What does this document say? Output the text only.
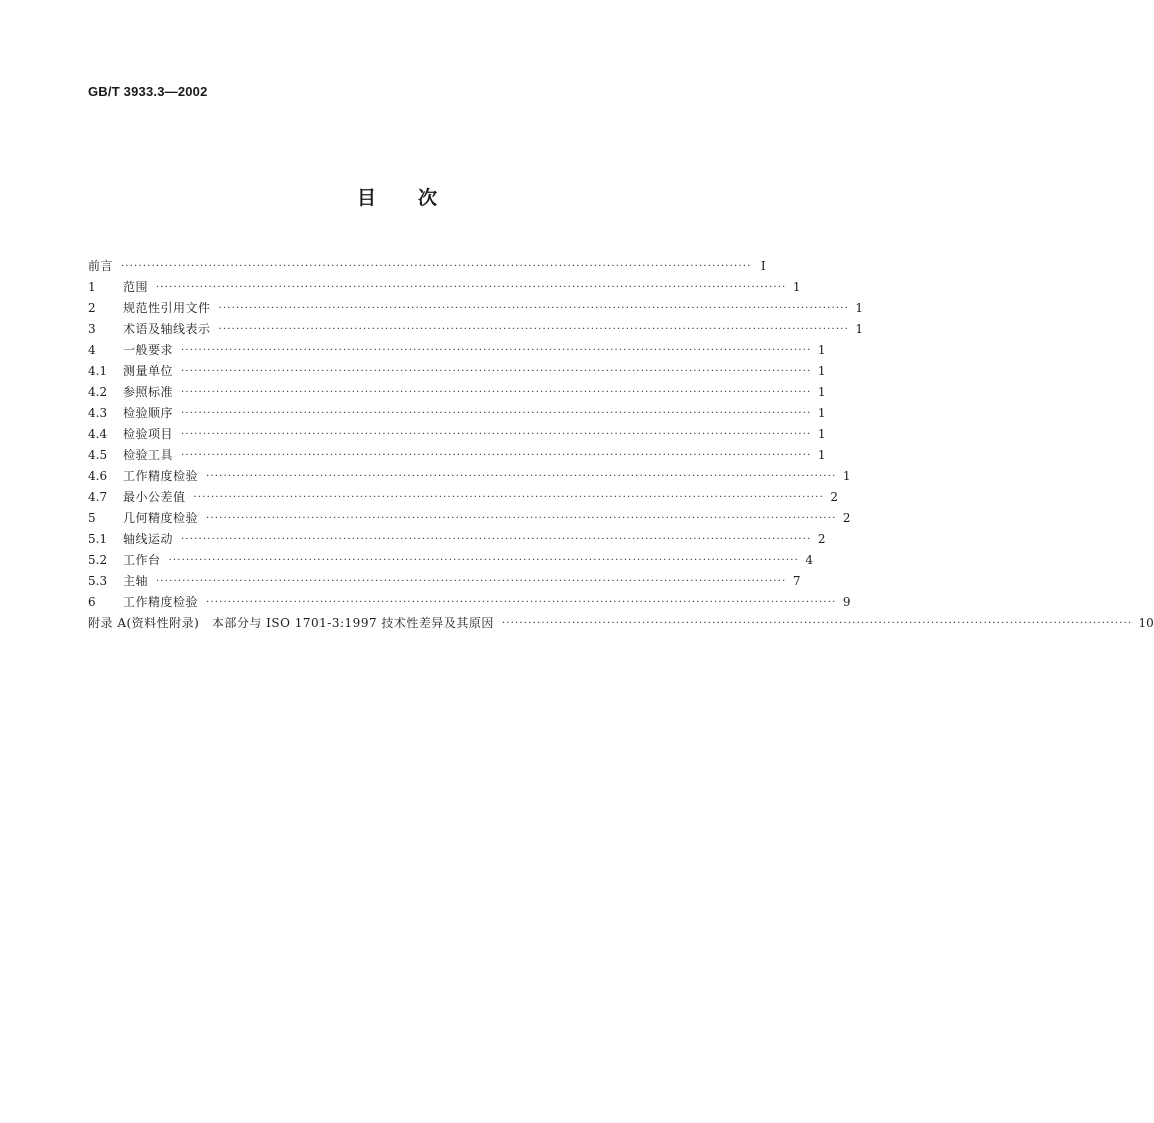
GB/T 3933.3—2002
目 次
前言 ················································································································································ Ⅰ
1	范围 ················································································································································ 1
2	规范性引用文件 ················································································································································ 1
3	术语及轴线表示 ················································································································································ 1
4	一般要求 ················································································································································ 1
4.1	测量单位 ················································································································································ 1
4.2	参照标准 ················································································································································ 1
4.3	检验顺序 ················································································································································ 1
4.4	检验项目 ················································································································································ 1
4.5	检验工具 ················································································································································ 1
4.6	工作精度检验 ················································································································································ 1
4.7	最小公差值 ················································································································································ 2
5	几何精度检验 ················································································································································ 2
5.1	轴线运动 ················································································································································ 2
5.2	工作台 ················································································································································ 4
5.3	主轴 ················································································································································ 7
6	工作精度检验 ················································································································································ 9
附录 A(资料性附录)　本部分与 ISO 1701-3:1997 技术性差异及其原因 ················································································································································ 10
